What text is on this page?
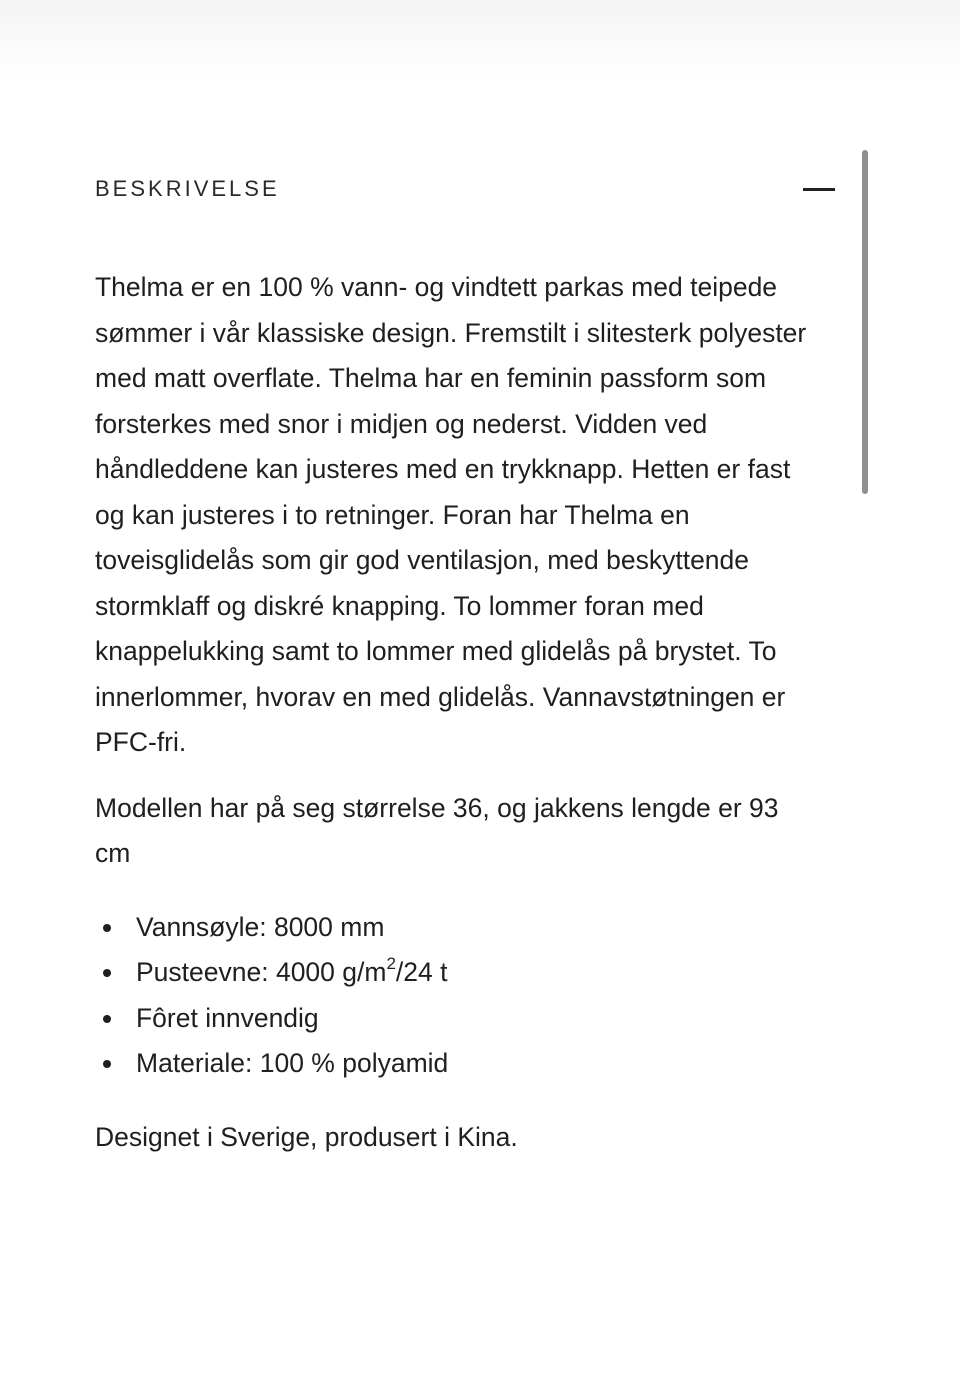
BESKRIVELSE

Thelma er en 100 % vann- og vindtett parkas med teipede
sømmer i vår klassiske design. Fremstilt i slitesterk polyester
med matt overflate. Thelma har en feminin passform som
forsterkes med snor i midjen og nederst. Vidden ved
håndleddene kan justeres med en trykknapp. Hetten er fast
og kan justeres i to retninger. Foran har Thelma en
toveisglidelås som gir god ventilasjon, med beskyttende
stormklaff og diskré knapping. To lommer foran med
knappelukking samt to lommer med glidelås på brystet. To
innerlommer, hvorav en med glidelås. Vannavstøtningen er
PFC-fri.

Modellen har på seg størrelse 36, og jakkens lengde er 93
cm

Vannsøyle: 8000 mm
Pusteevne: 4000 $g/m^2/24$ t
Fôret innvendig
Materiale: 100 % polyamid

Designet i Sverige, produsert i Kina.
